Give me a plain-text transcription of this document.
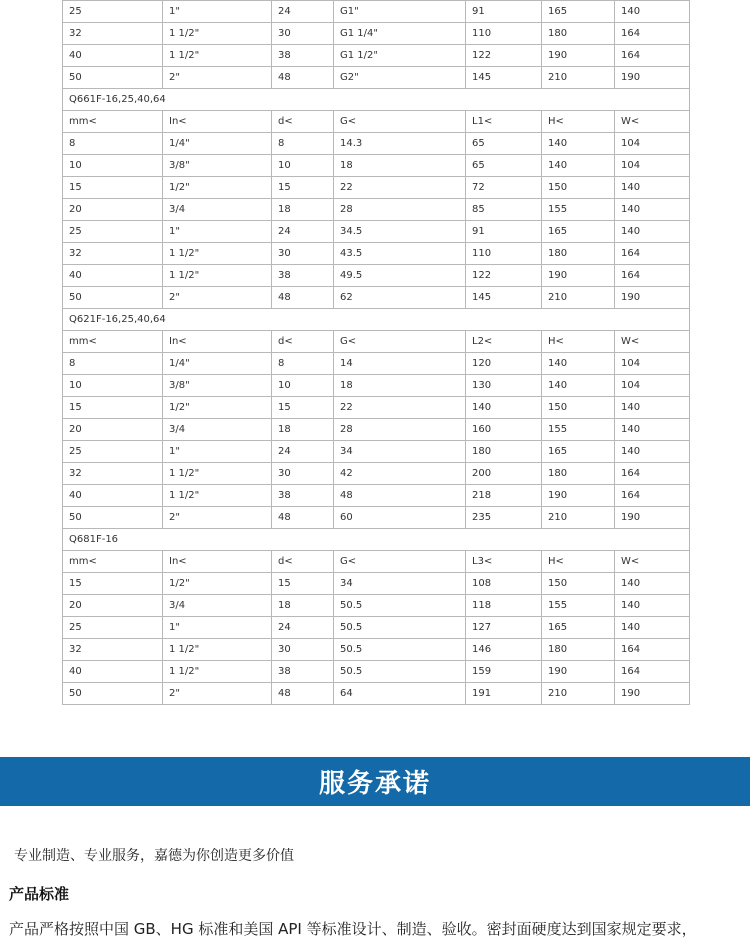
25	1"	24	G1"	91	165	140
32	1 1/2"	30	G1 1/4"	110	180	164
40	1 1/2"	38	G1 1/2"	122	190	164
50	2"	48	G2"	145	210	190
Q661F-16,25,40,64						
mm<	In<	d<	G<	L1<	H<	W<
8	1/4"	8	14.3	65	140	104
10	3/8"	10	18	65	140	104
15	1/2"	15	22	72	150	140
20	3/4	18	28	85	155	140
25	1"	24	34.5	91	165	140
32	1 1/2"	30	43.5	110	180	164
40	1 1/2"	38	49.5	122	190	164
50	2"	48	62	145	210	190
Q621F-16,25,40,64						
mm<	In<	d<	G<	L2<	H<	W<
8	1/4"	8	14	120	140	104
10	3/8"	10	18	130	140	104
15	1/2"	15	22	140	150	140
20	3/4	18	28	160	155	140
25	1"	24	34	180	165	140
32	1 1/2"	30	42	200	180	164
40	1 1/2"	38	48	218	190	164
50	2"	48	60	235	210	190
Q681F-16						
mm<	In<	d<	G<	L3<	H<	W<
15	1/2"	15	34	108	150	140
20	3/4	18	50.5	118	155	140
25	1"	24	50.5	127	165	140
32	1 1/2"	30	50.5	146	180	164
40	1 1/2"	38	50.5	159	190	164
50	2"	48	64	191	210	190
服务承诺
专业制造、专业服务，嘉德为你创造更多价值
产品标准
产品严格按照中国 GB、HG 标准和美国 API 等标准设计、制造、验收。密封面硬度达到国家规定要求，
